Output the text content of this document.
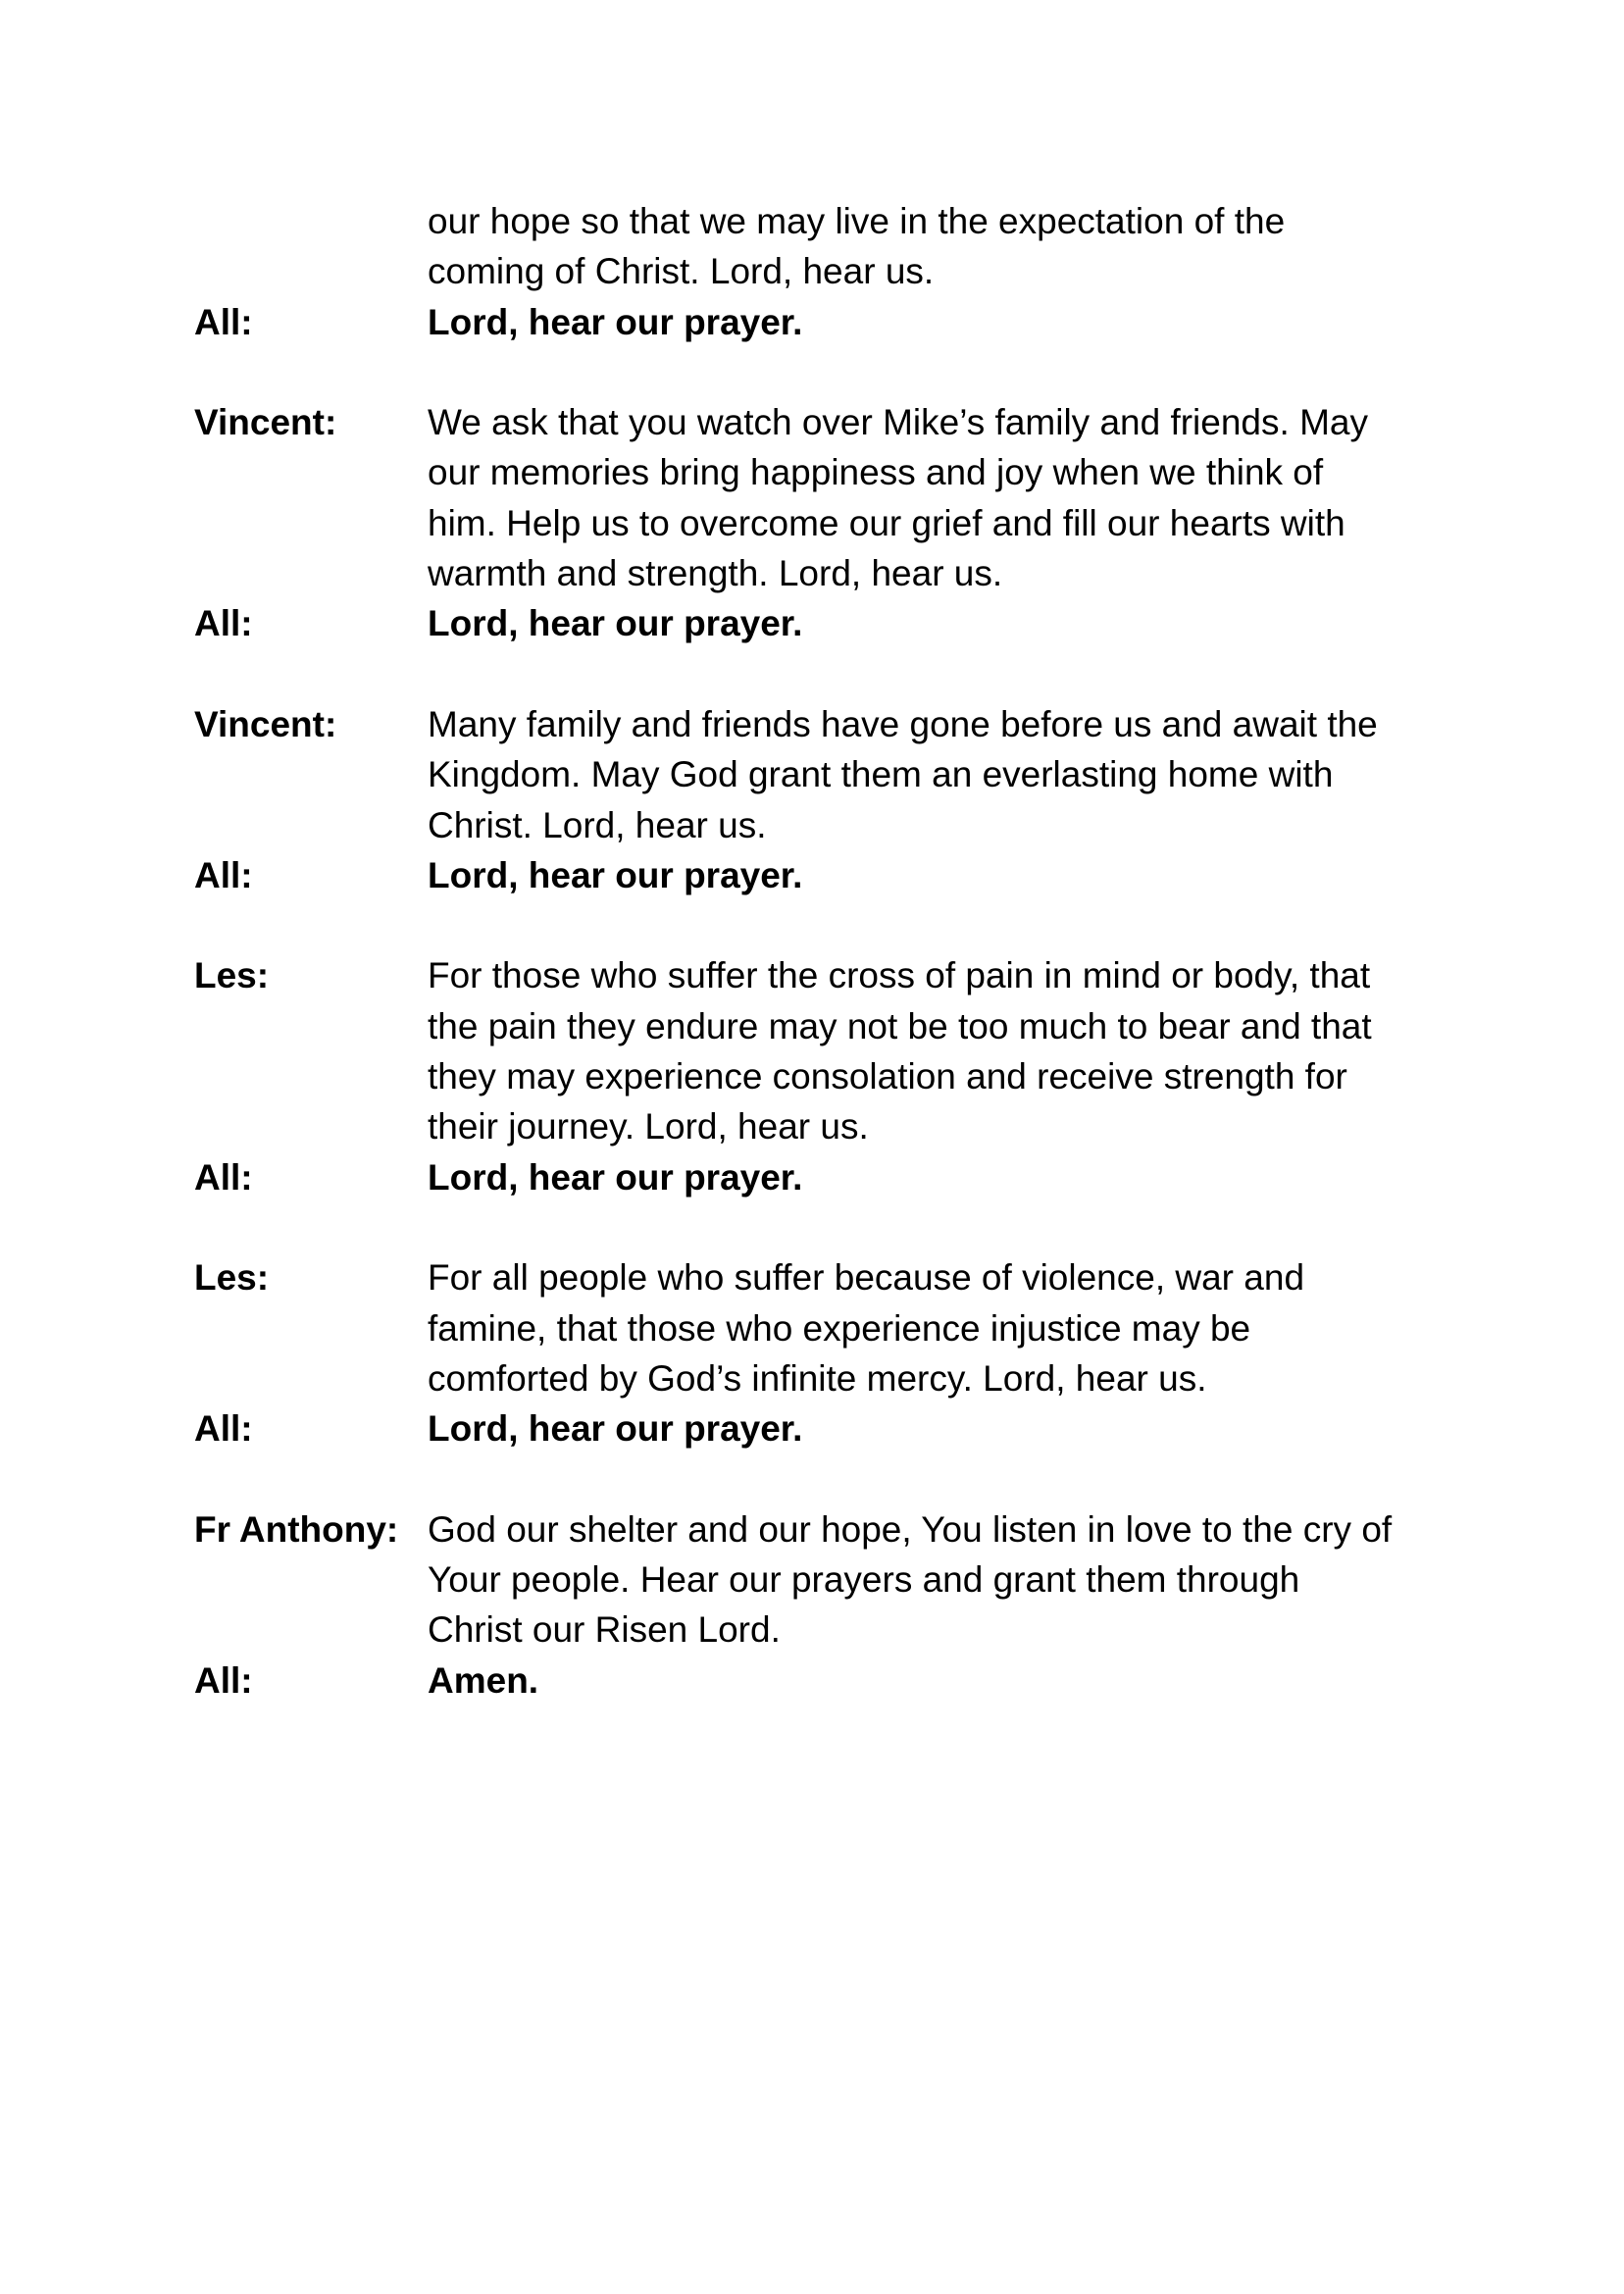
our hope so that we may live in the expectation of the
coming of Christ. Lord, hear us.
All:	Lord, hear our prayer.
Vincent:	We ask that you watch over Mike’s family and friends. May
our memories bring happiness and joy when we think of
him. Help us to overcome our grief and fill our hearts with
warmth and strength. Lord, hear us.
All:	Lord, hear our prayer.
Vincent:	Many family and friends have gone before us and await the
Kingdom. May God grant them an everlasting home with
Christ. Lord, hear us.
All:	Lord, hear our prayer.
Les:	For those who suffer the cross of pain in mind or body, that
the pain they endure may not be too much to bear and that
they may experience consolation and receive strength for
their journey. Lord, hear us.
All:	Lord, hear our prayer.
Les:	For all people who suffer because of violence, war and
famine, that those who experience injustice may be
comforted by God’s infinite mercy. Lord, hear us.
All:	Lord, hear our prayer.
Fr Anthony: God our shelter and our hope, You listen in love to the cry of
Your people. Hear our prayers and grant them through
Christ our Risen Lord.
All:	Amen.
